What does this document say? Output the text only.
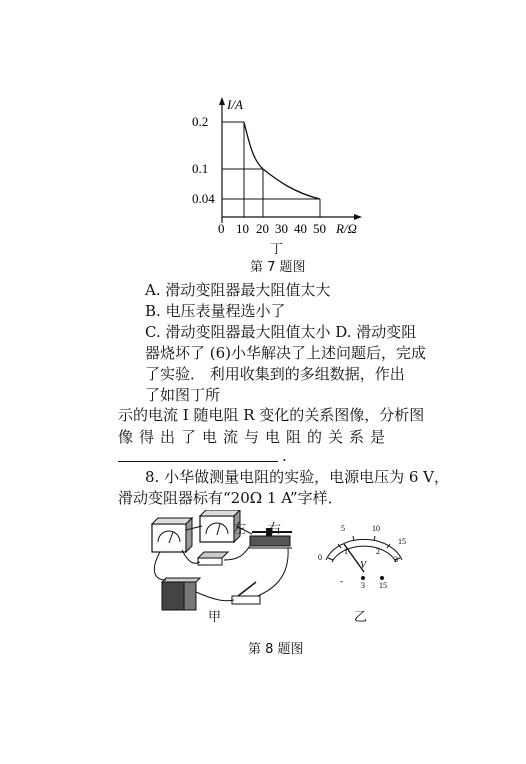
0.2
0.1
0.04
I/A
R/Ω
0 10 20 30 40 50
丁
第 7 题图
A. 滑动变阻器最大阻值太大
B. 电压表量程选小了
C. 滑动变阻器最大阻值太小 D. 滑动变阻
器烧坏了 (6)小华解决了上述问题后，完成
了实验． 利用收集到的多组数据，作出
了如图丁所
示的电流 I 随电阻 R 变化的关系图像，分析图
像得出了电流与电阻的关系是
.
8. 小华做测量电阻的实验，电源电压为 6 V，
滑动变阻器标有“20Ω 1 A”字样．
左 右	5	10
15
0
1	2
3
V
- 3 15
甲	乙
第 8 题图
